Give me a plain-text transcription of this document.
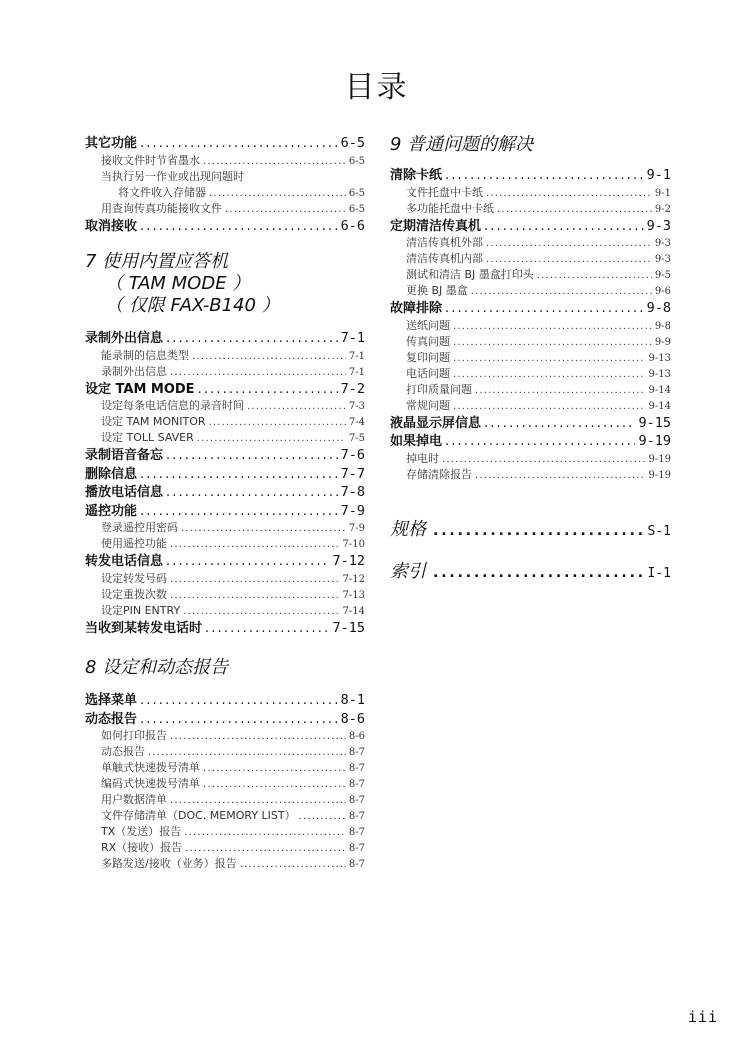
目录
其它功能 . . .	6-5
接收文件时节省墨水 . . .	6-5
当执行另一作业或出现问题时
将文件收入存储器 . . .	6-5
用查询传真功能接收文件 . . .	6-5
取消接收 . . .	6-6
7 使用内置应答机
（ TAM MODE ）
（ 仅限 FAX-B140 ）
录制外出信息 . . .	7-1
能录制的信息类型 . . .	7-1
录制外出信息 . . .	7-1
设定 TAM MODE . . .	7-2
设定每条电话信息的录音时间 . . .	7-3
设定 TAM MONITOR . . .	7-4
设定 TOLL SAVER . . .	7-5
录制语音备忘 . . .	7-6
删除信息 . . .	7-7
播放电话信息 . . .	7-8
遥控功能 . . .	7-9
登录遥控用密码 . . .	7-9
使用遥控功能 . . .	7-10
转发电话信息 . . .	7-12
设定转发号码 . . .	7-12
设定重拨次数 . . .	7-13
设定PIN ENTRY . . .	7-14
当收到某转发电话时 . . .	7-15
8 设定和动态报告
选择菜单 . . .	8-1
动态报告 . . .	8-6
如何打印报告 . . .	8-6
动态报告 . . .	8-7
单触式快速拨号清单 . . .	8-7
编码式快速拨号清单 . . .	8-7
用户数据清单 . . .	8-7
文件存储清单（DOC. MEMORY LIST） . . .	8-7
TX（发送）报告 . . .	8-7
RX（接收）报告 . . .	8-7
多路发送/接收（业务）报告 . . .	8-7
9 普通问题的解决
清除卡纸 . . .	9-1
文件托盘中卡纸 . . .	9-1
多功能托盘中卡纸 . . .	9-2
定期清洁传真机 . . .	9-3
清洁传真机外部 . . .	9-3
清洁传真机内部 . . .	9-3
测试和清洁 BJ 墨盒打印头 . . .	9-5
更换 BJ 墨盒 . . .	9-6
故障排除 . . .	9-8
送纸问题 . . .	9-8
传真问题 . . .	9-9
复印问题 . . .	9-13
电话问题 . . .	9-13
打印质量问题 . . .	9-14
常规问题 . . .	9-14
液晶显示屏信息 . . .	9-15
如果掉电 . . .	9-19
掉电时 . . .	9-19
存储清除报告 . . .	9-19
规格 . . .	S-1
索引 . . .	I-1
iii
